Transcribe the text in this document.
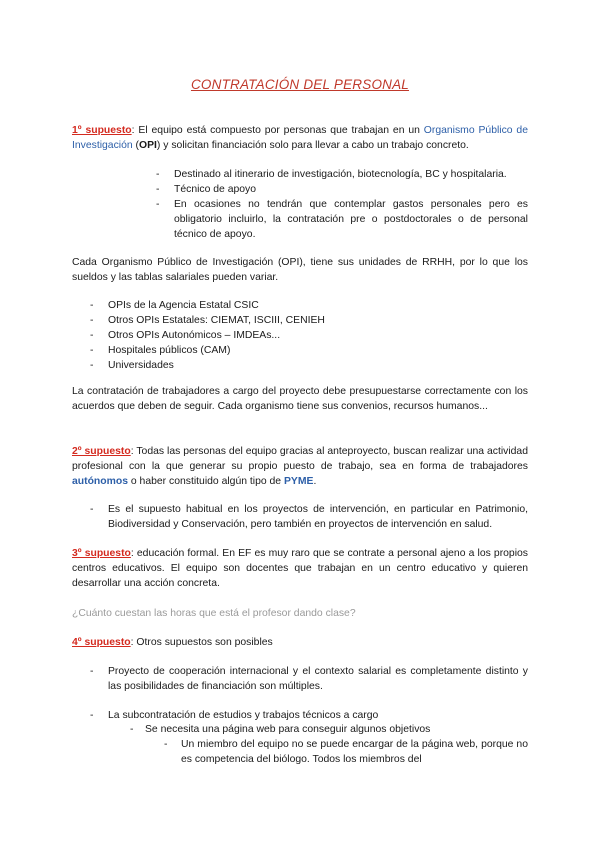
CONTRATACIÓN DEL PERSONAL
1º supuesto: El equipo está compuesto por personas que trabajan en un Organismo Público de Investigación (OPI) y solicitan financiación solo para llevar a cabo un trabajo concreto.
- Destinado al itinerario de investigación, biotecnología, BC y hospitalaria.
- Técnico de apoyo
- En ocasiones no tendrán que contemplar gastos personales pero es obligatorio incluirlo, la contratación pre o postdoctorales o de personal técnico de apoyo.
Cada Organismo Público de Investigación (OPI), tiene sus unidades de RRHH, por lo que los sueldos y las tablas salariales pueden variar.
- OPIs de la Agencia Estatal CSIC
- Otros OPIs Estatales: CIEMAT, ISCIII, CENIEH
- Otros OPIs Autonómicos – IMDEAs...
- Hospitales públicos (CAM)
- Universidades
La contratación de trabajadores a cargo del proyecto debe presupuestarse correctamente con los acuerdos que deben de seguir. Cada organismo tiene sus convenios, recursos humanos...
2º supuesto: Todas las personas del equipo gracias al anteproyecto, buscan realizar una actividad profesional con la que generar su propio puesto de trabajo, sea en forma de trabajadores autónomos o haber constituido algún tipo de PYME.
- Es el supuesto habitual en los proyectos de intervención, en particular en Patrimonio, Biodiversidad y Conservación, pero también en proyectos de intervención en salud.
3º supuesto: educación formal. En EF es muy raro que se contrate a personal ajeno a los propios centros educativos. El equipo son docentes que trabajan en un centro educativo y quieren desarrollar una acción concreta.
¿Cuánto cuestan las horas que está el profesor dando clase?
4º supuesto: Otros supuestos son posibles
- Proyecto de cooperación internacional y el contexto salarial es completamente distinto y las posibilidades de financiación son múltiples.
- La subcontratación de estudios y trabajos técnicos a cargo
- Se necesita una página web para conseguir algunos objetivos
- Un miembro del equipo no se puede encargar de la página web, porque no es competencia del biólogo. Todos los miembros del
